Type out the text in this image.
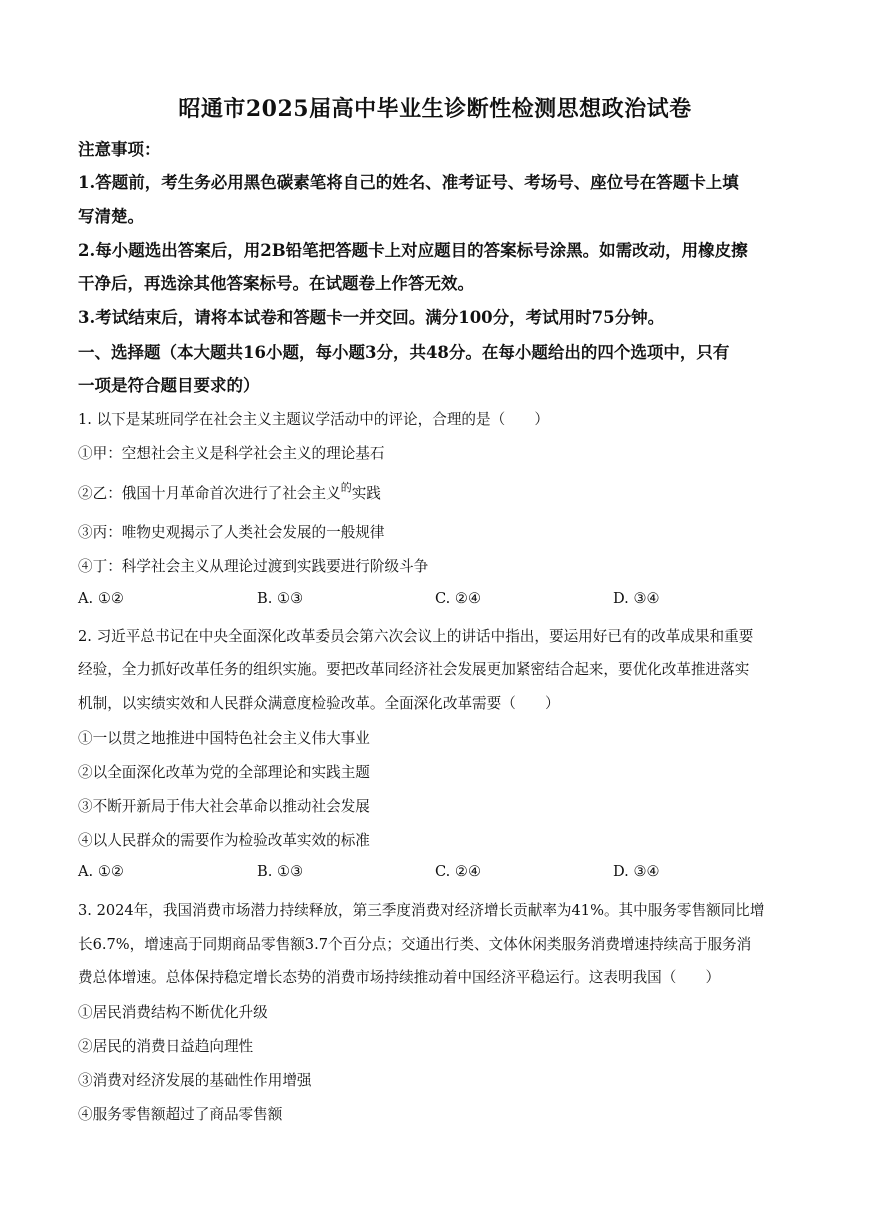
昭通市2025届高中毕业生诊断性检测思想政治试卷
注意事项：
1.答题前，考生务必用黑色碳素笔将自己的姓名、准考证号、考场号、座位号在答题卡上填
写清楚。
2.每小题选出答案后，用2B铅笔把答题卡上对应题目的答案标号涂黑。如需改动，用橡皮擦
干净后，再选涂其他答案标号。在试题卷上作答无效。
3.考试结束后，请将本试卷和答题卡一并交回。满分100分，考试用时75分钟。
一、选择题（本大题共16小题，每小题3分，共48分。在每小题给出的四个选项中，只有
一项是符合题目要求的）
1. 以下是某班同学在社会主义主题议学活动中的评论，合理的是（　　）
①甲：空想社会主义是科学社会主义的理论基石
②乙：俄国十月革命首次进行了社会主义$^的$实践
③丙：唯物史观揭示了人类社会发展的一般规律
④丁：科学社会主义从理论过渡到实践要进行阶级斗争
A. ①②	B. ①③	C. ②④	D. ③④
2. 习近平总书记在中央全面深化改革委员会第六次会议上的讲话中指出，要运用好已有的改革成果和重要
经验，全力抓好改革任务的组织实施。要把改革同经济社会发展更加紧密结合起来，要优化改革推进落实
机制，以实绩实效和人民群众满意度检验改革。全面深化改革需要（　　）
①一以贯之地推进中国特色社会主义伟大事业
②以全面深化改革为党的全部理论和实践主题
③不断开新局于伟大社会革命以推动社会发展
④以人民群众的需要作为检验改革实效的标准
A. ①②	B. ①③	C. ②④	D. ③④
3. 2024年，我国消费市场潜力持续释放，第三季度消费对经济增长贡献率为41%。其中服务零售额同比增
长6.7%，增速高于同期商品零售额3.7个百分点；交通出行类、文体休闲类服务消费增速持续高于服务消
费总体增速。总体保持稳定增长态势的消费市场持续推动着中国经济平稳运行。这表明我国（　　）
①居民消费结构不断优化升级
②居民的消费日益趋向理性
③消费对经济发展的基础性作用增强
④服务零售额超过了商品零售额
